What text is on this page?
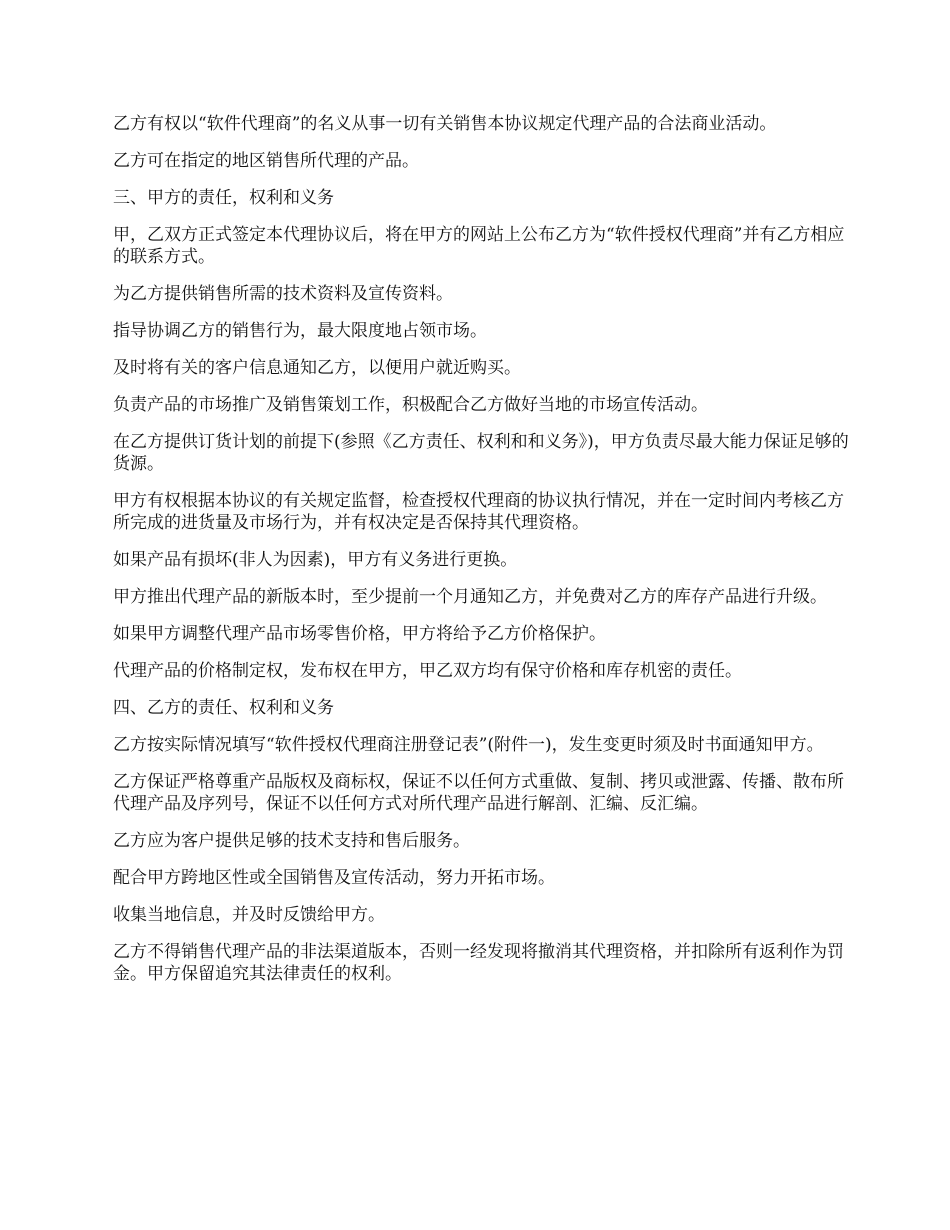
乙方有权以“软件代理商”的名义从事一切有关销售本协议规定代理产品的合法商业活动。

乙方可在指定的地区销售所代理的产品。

三、甲方的责任，权利和义务

甲，乙双方正式签定本代理协议后，将在甲方的网站上公布乙方为“软件授权代理商”并有乙方相应的联系方式。

为乙方提供销售所需的技术资料及宣传资料。

指导协调乙方的销售行为，最大限度地占领市场。

及时将有关的客户信息通知乙方，以便用户就近购买。

负责产品的市场推广及销售策划工作，积极配合乙方做好当地的市场宣传活动。

在乙方提供订货计划的前提下(参照《乙方责任、权利和和义务》)，甲方负责尽最大能力保证足够的货源。

甲方有权根据本协议的有关规定监督，检查授权代理商的协议执行情况，并在一定时间内考核乙方所完成的进货量及市场行为，并有权决定是否保持其代理资格。

如果产品有损坏(非人为因素)，甲方有义务进行更换。

甲方推出代理产品的新版本时，至少提前一个月通知乙方，并免费对乙方的库存产品进行升级。

如果甲方调整代理产品市场零售价格，甲方将给予乙方价格保护。

代理产品的价格制定权，发布权在甲方，甲乙双方均有保守价格和库存机密的责任。

四、乙方的责任、权利和义务

乙方按实际情况填写“软件授权代理商注册登记表”(附件一)，发生变更时须及时书面通知甲方。

乙方保证严格尊重产品版权及商标权，保证不以任何方式重做、复制、拷贝或泄露、传播、散布所代理产品及序列号，保证不以任何方式对所代理产品进行解剖、汇编、反汇编。

乙方应为客户提供足够的技术支持和售后服务。

配合甲方跨地区性或全国销售及宣传活动，努力开拓市场。

收集当地信息，并及时反馈给甲方。

乙方不得销售代理产品的非法渠道版本，否则一经发现将撤消其代理资格，并扣除所有返利作为罚金。甲方保留追究其法律责任的权利。
